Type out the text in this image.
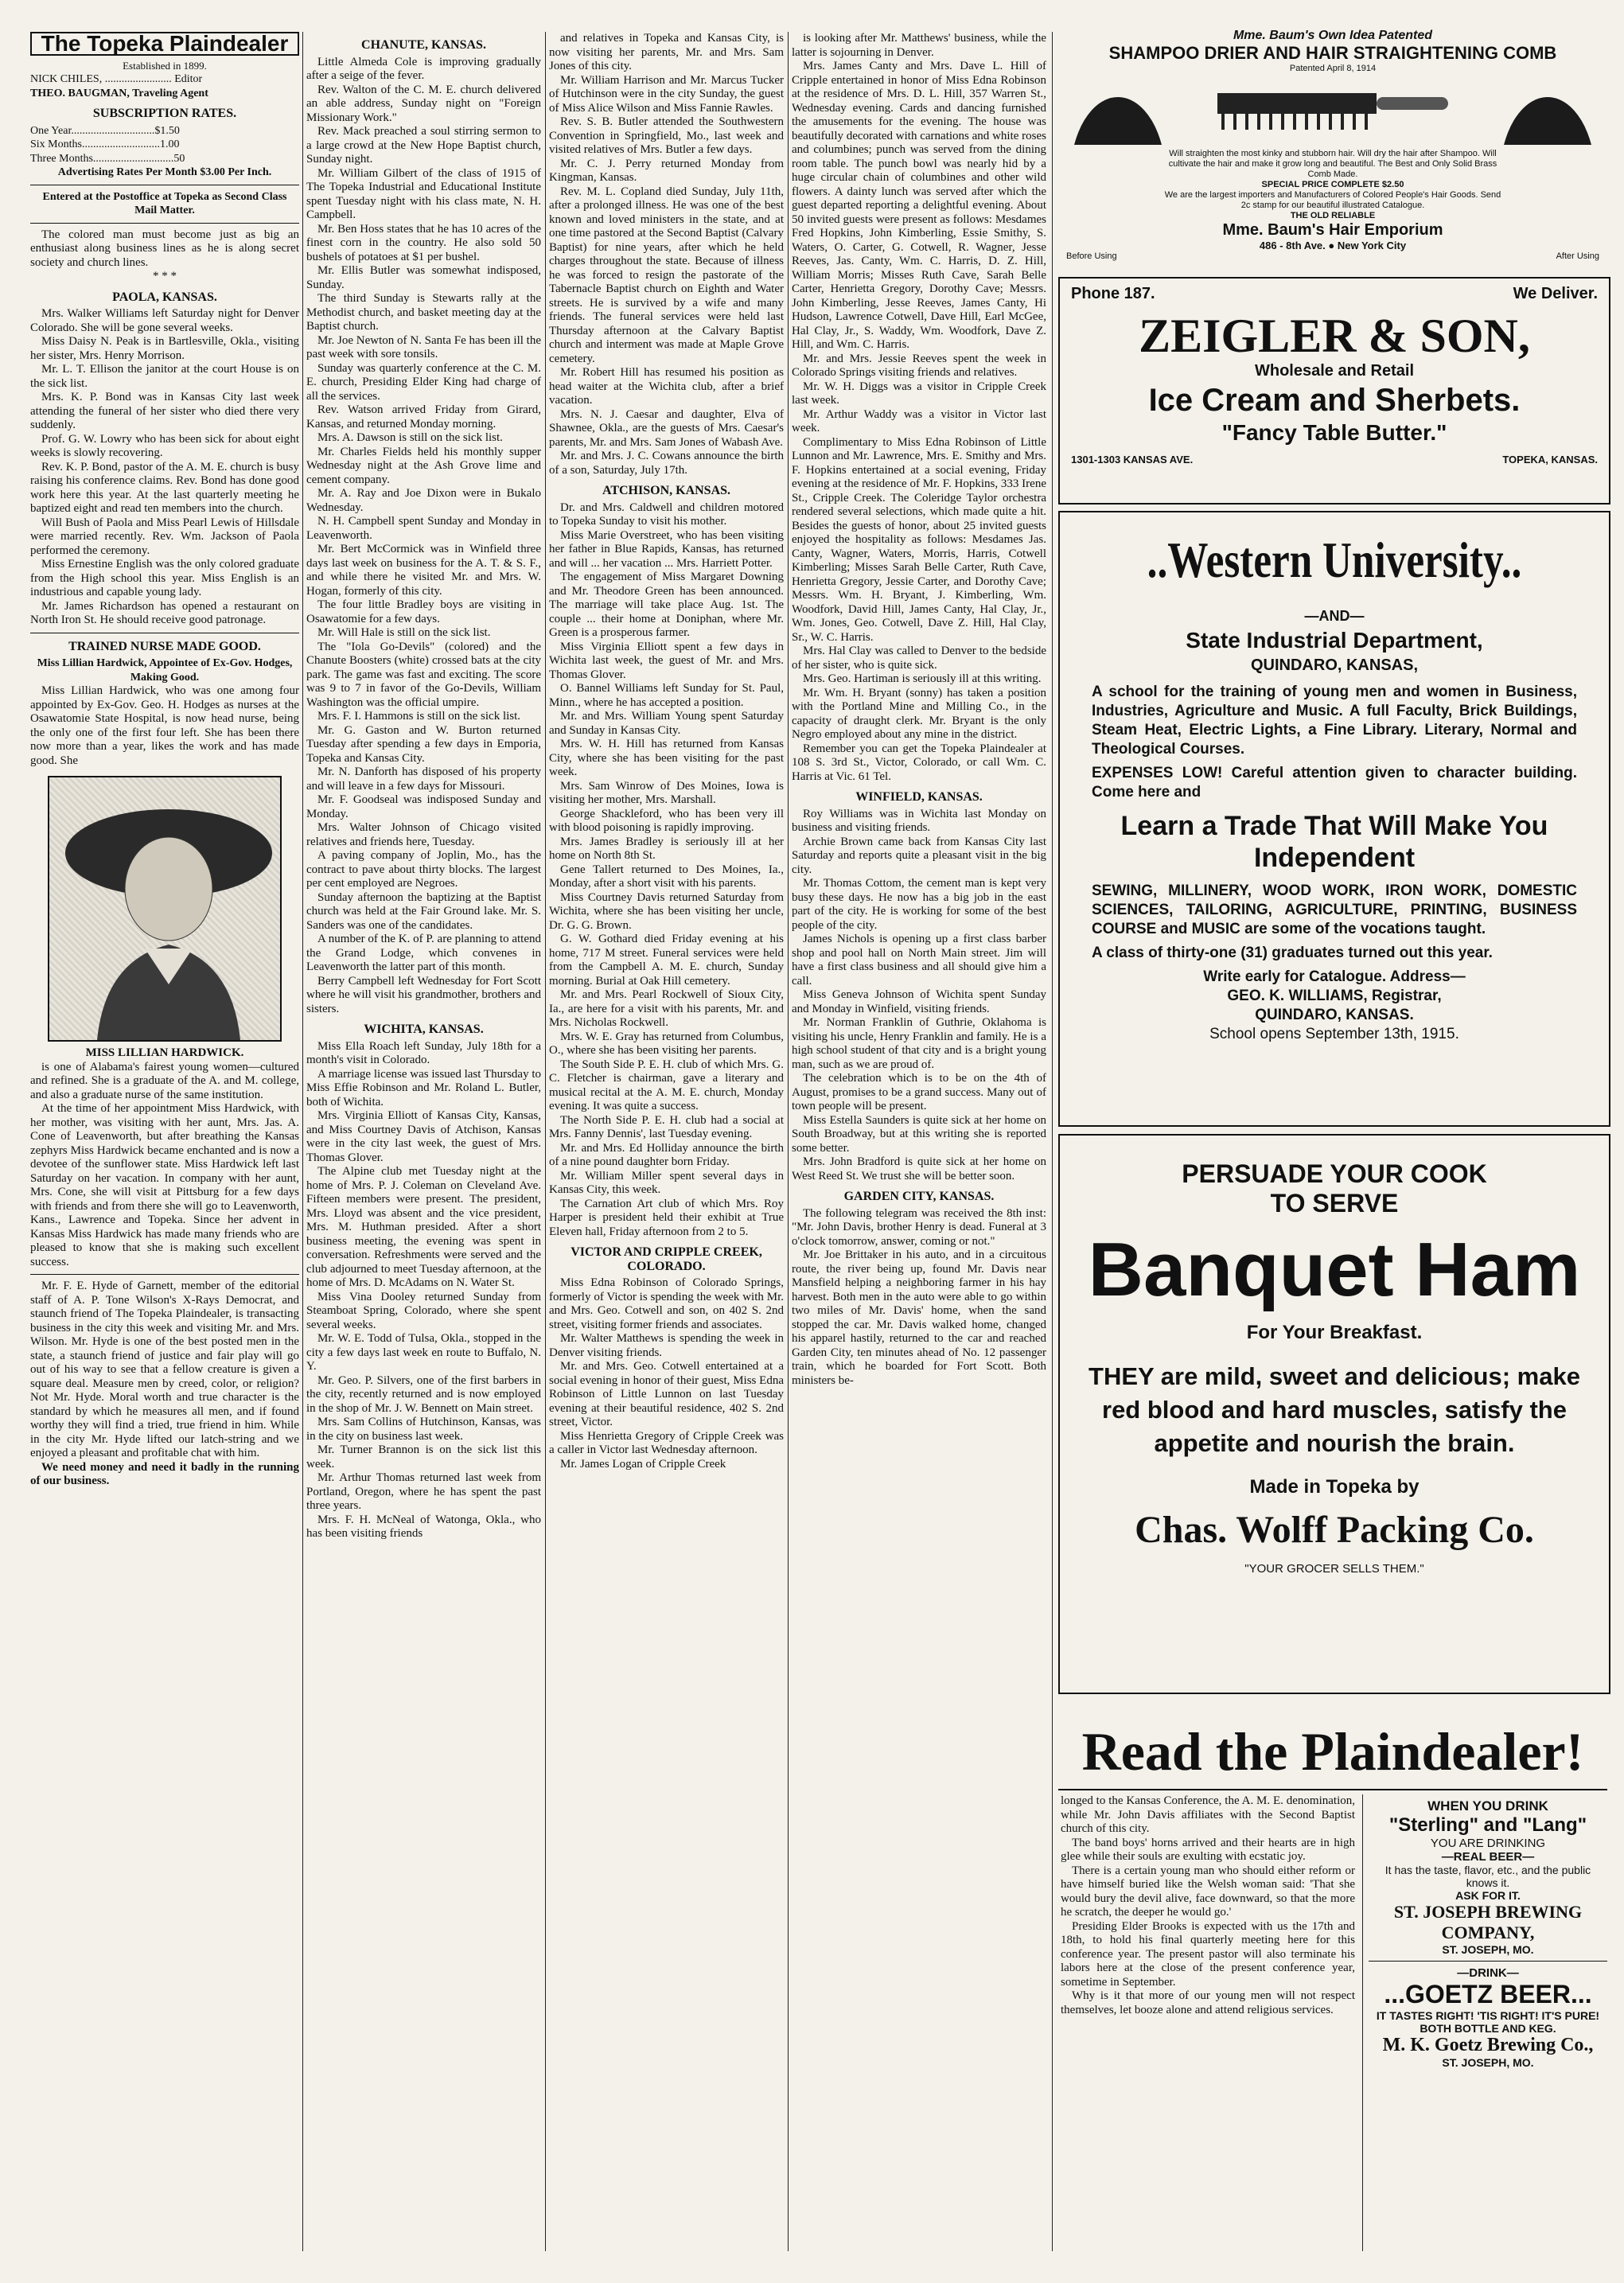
The Topeka Plaindealer
Established in 1899.
NICK CHILES, ........................ Editor
THEO. BAUGMAN, Traveling Agent
SUBSCRIPTION RATES.
One Year..............................$1.50
Six Months............................1.00
Three Months.............................50
Advertising Rates Per Month $3.00 Per Inch.
Entered at the Postoffice at Topeka as Second Class Mail Matter.

The colored man must become just as big an enthusiast along business lines as he is along secret society and church lines.

* * *
PAOLA, KANSAS.

Mrs. Walker Williams left Saturday night for Denver Colorado. She will be gone several weeks.

Miss Daisy N. Peak is in Bartlesville, Okla., visiting her sister, Mrs. Henry Morrison.

Mr. L. T. Ellison the janitor at the court House is on the sick list.

Mrs. K. P. Bond was in Kansas City last week attending the funeral of her sister who died there very suddenly.

Prof. G. W. Lowry who has been sick for about eight weeks is slowly recovering.

Rev. K. P. Bond, pastor of the A. M. E. church is busy raising his conference claims. Rev. Bond has done good work here this year. At the last quarterly meeting he baptized eight and read ten members into the church.

Will Bush of Paola and Miss Pearl Lewis of Hillsdale were married recently. Rev. Wm. Jackson of Paola performed the ceremony.

Miss Ernestine English was the only colored graduate from the High school this year. Miss English is an industrious and capable young lady.

Mr. James Richardson has opened a restaurant on North Iron St. He should receive good patronage.

TRAINED NURSE MADE GOOD.
Miss Lillian Hardwick, Appointee of Ex-Gov. Hodges, Making Good.

Miss Lillian Hardwick, who was one among four appointed by Ex-Gov. Geo. H. Hodges as nurses at the Osawatomie State Hospital, is now head nurse, being the only one of the first four left. She has been there now more than a year, likes the work and has made good. She

MISS LILLIAN HARDWICK.

is one of Alabama's fairest young women—cultured and refined. She is a graduate of the A. and M. college, and also a graduate nurse of the same institution.

At the time of her appointment Miss Hardwick, with her mother, was visiting with her aunt, Mrs. Jas. A. Cone of Leavenworth, but after breathing the Kansas zephyrs Miss Hardwick became enchanted and is now a devotee of the sunflower state. Miss Hardwick left last Saturday on her vacation. In company with her aunt, Mrs. Cone, she will visit at Pittsburg for a few days with friends and from there she will go to Leavenworth, Kans., Lawrence and Topeka. Since her advent in Kansas Miss Hardwick has made many friends who are pleased to know that she is making such excellent success.

Mr. F. E. Hyde of Garnett, member of the editorial staff of A. P. Tone Wilson's X-Rays Democrat, and staunch friend of The Topeka Plaindealer, is transacting business in the city this week and visiting Mr. and Mrs. Wilson. Mr. Hyde is one of the best posted men in the state, a staunch friend of justice and fair play will go out of his way to see that a fellow creature is given a square deal. Measure men by creed, color, or religion? Not Mr. Hyde. Moral worth and true character is the standard by which he measures all men, and if found worthy they will find a tried, true friend in him. While in the city Mr. Hyde lifted our latch-string and we enjoyed a pleasant and profitable chat with him.

We need money and need it badly in the running of our business.

CHANUTE, KANSAS.

Little Almeda Cole is improving gradually after a seige of the fever.

Rev. Walton of the C. M. E. church delivered an able address, Sunday night on "Foreign Missionary Work."

Rev. Mack preached a soul stirring sermon to a large crowd at the New Hope Baptist church, Sunday night.

Mr. William Gilbert of the class of 1915 of The Topeka Industrial and Educational Institute spent Tuesday night with his class mate, N. H. Campbell.

Mr. Ben Hoss states that he has 10 acres of the finest corn in the country. He also sold 50 bushels of potatoes at $1 per bushel.

Mr. Ellis Butler was somewhat indisposed, Sunday.

The third Sunday is Stewarts rally at the Methodist church, and basket meeting day at the Baptist church.

Mr. Joe Newton of N. Santa Fe has been ill the past week with sore tonsils.

Sunday was quarterly conference at the C. M. E. church, Presiding Elder King had charge of all the services.

Rev. Watson arrived Friday from Girard, Kansas, and returned Monday morning.

Mrs. A. Dawson is still on the sick list.

Mr. Charles Fields held his monthly supper Wednesday night at the Ash Grove lime and cement company.

Mr. A. Ray and Joe Dixon were in Bukalo Wednesday.

N. H. Campbell spent Sunday and Monday in Leavenworth.

Mr. Bert McCormick was in Winfield three days last week on business for the A. T. & S. F., and while there he visited Mr. and Mrs. W. Hogan, formerly of this city.

The four little Bradley boys are visiting in Osawatomie for a few days.

Mr. Will Hale is still on the sick list.

The "Iola Go-Devils" (colored) and the Chanute Boosters (white) crossed bats at the city park. The game was fast and exciting. The score was 9 to 7 in favor of the Go-Devils, William Washington was the official umpire.

Mrs. F. I. Hammons is still on the sick list.

Mr. G. Gaston and W. Burton returned Tuesday after spending a few days in Emporia, Topeka and Kansas City.

Mr. N. Danforth has disposed of his property and will leave in a few days for Missouri.

Mr. F. Goodseal was indisposed Sunday and Monday.

Mrs. Walter Johnson of Chicago visited relatives and friends here, Tuesday.

A paving company of Joplin, Mo., has the contract to pave about thirty blocks. The largest per cent employed are Negroes.

Sunday afternoon the baptizing at the Baptist church was held at the Fair Ground lake. Mr. S. Sanders was one of the candidates.

A number of the K. of P. are planning to attend the Grand Lodge, which convenes in Leavenworth the latter part of this month.

Berry Campbell left Wednesday for Fort Scott where he will visit his grandmother, brothers and sisters.

WICHITA, KANSAS.

Miss Ella Roach left Sunday, July 18th for a month's visit in Colorado.

A marriage license was issued last Thursday to Miss Effie Robinson and Mr. Roland L. Butler, both of Wichita.

Mrs. Virginia Elliott of Kansas City, Kansas, and Miss Courtney Davis of Atchison, Kansas were in the city last week, the guest of Mrs. Thomas Glover.

The Alpine club met Tuesday night at the home of Mrs. P. J. Coleman on Cleveland Ave. Fifteen members were present. The president, Mrs. Lloyd was absent and the vice president, Mrs. M. Huthman presided. After a short business meeting, the evening was spent in conversation. Refreshments were served and the club adjourned to meet Tuesday afternoon, at the home of Mrs. D. McAdams on N. Water St.

Miss Vina Dooley returned Sunday from Steamboat Spring, Colorado, where she spent several weeks.

Mr. W. E. Todd of Tulsa, Okla., stopped in the city a few days last week en route to Buffalo, N. Y.

Mr. Geo. P. Silvers, one of the first barbers in the city, recently returned and is now employed in the shop of Mr. J. W. Bennett on Main street.

Mrs. Sam Collins of Hutchinson, Kansas, was in the city on business last week.

Mr. Turner Brannon is on the sick list this week.

Mr. Arthur Thomas returned last week from Portland, Oregon, where he has spent the past three years.

Mrs. F. H. McNeal of Watonga, Okla., who has been visiting friends

and relatives in Topeka and Kansas City, is now visiting her parents, Mr. and Mrs. Sam Jones of this city.

Mr. William Harrison and Mr. Marcus Tucker of Hutchinson were in the city Sunday, the guest of Miss Alice Wilson and Miss Fannie Rawles.

Rev. S. B. Butler attended the Southwestern Convention in Springfield, Mo., last week and visited relatives of Mrs. Butler a few days.

Mr. C. J. Perry returned Monday from Kingman, Kansas.

Rev. M. L. Copland died Sunday, July 11th, after a prolonged illness. He was one of the best known and loved ministers in the state, and at one time pastored at the Second Baptist (Calvary Baptist) for nine years, after which he held charges throughout the state. Because of illness he was forced to resign the pastorate of the Tabernacle Baptist church on Eighth and Water streets. He is survived by a wife and many friends. The funeral services were held last Thursday afternoon at the Calvary Baptist church and interment was made at Maple Grove cemetery.

Mr. Robert Hill has resumed his position as head waiter at the Wichita club, after a brief vacation.

Mrs. N. J. Caesar and daughter, Elva of Shawnee, Okla., are the guests of Mrs. Caesar's parents, Mr. and Mrs. Sam Jones of Wabash Ave.

Mr. and Mrs. J. C. Cowans announce the birth of a son, Saturday, July 17th.

ATCHISON, KANSAS.

Dr. and Mrs. Caldwell and children motored to Topeka Sunday to visit his mother.

Miss Marie Overstreet, who has been visiting her father in Blue Rapids, Kansas, has returned and will ... her vacation ... Mrs. Harriett Potter.

The engagement of Miss Margaret Downing and Mr. Theodore Green has been announced. The marriage will take place Aug. 1st. The couple ... their home at Doniphan, where Mr. Green is a prosperous farmer.

Miss Virginia Elliott spent a few days in Wichita last week, the guest of Mr. and Mrs. Thomas Glover.

O. Bannel Williams left Sunday for St. Paul, Minn., where he has accepted a position.

Mr. and Mrs. William Young spent Saturday and Sunday in Kansas City.

Mrs. W. H. Hill has returned from Kansas City, where she has been visiting for the past week.

Mrs. Sam Winrow of Des Moines, Iowa is visiting her mother, Mrs. Marshall.

George Shackleford, who has been very ill with blood poisoning is rapidly improving.

Mrs. James Bradley is seriously ill at her home on North 8th St.

Gene Tallert returned to Des Moines, Ia., Monday, after a short visit with his parents.

Miss Courtney Davis returned Saturday from Wichita, where she has been visiting her uncle, Dr. G. G. Brown.

G. W. Gothard died Friday evening at his home, 717 M street. Funeral services were held from the Campbell A. M. E. church, Sunday morning. Burial at Oak Hill cemetery.

Mr. and Mrs. Pearl Rockwell of Sioux City, Ia., are here for a visit with his parents, Mr. and Mrs. Nicholas Rockwell.

Mrs. W. E. Gray has returned from Columbus, O., where she has been visiting her parents.

The South Side P. E. H. club of which Mrs. G. C. Fletcher is chairman, gave a literary and musical recital at the A. M. E. church, Monday evening. It was quite a success.

The North Side P. E. H. club had a social at Mrs. Fanny Dennis', last Tuesday evening.

Mr. and Mrs. Ed Holliday announce the birth of a nine pound daughter born Friday.

Mr. William Miller spent several days in Kansas City, this week.

The Carnation Art club of which Mrs. Roy Harper is president held their exhibit at True Eleven hall, Friday afternoon from 2 to 5.

VICTOR AND CRIPPLE CREEK, COLORADO.

Miss Edna Robinson of Colorado Springs, formerly of Victor is spending the week with Mr. and Mrs. Geo. Cotwell and son, on 402 S. 2nd street, visiting former friends and associates.

Mr. Walter Matthews is spending the week in Denver visiting friends.

Mr. and Mrs. Geo. Cotwell entertained at a social evening in honor of their guest, Miss Edna Robinson of Little Lunnon on last Tuesday evening at their beautiful residence, 402 S. 2nd street, Victor.

Miss Henrietta Gregory of Cripple Creek was a caller in Victor last Wednesday afternoon.

Mr. James Logan of Cripple Creek

is looking after Mr. Matthews' business, while the latter is sojourning in Denver.

Mrs. James Canty and Mrs. Dave L. Hill of Cripple entertained in honor of Miss Edna Robinson at the residence of Mrs. D. L. Hill, 357 Warren St., Wednesday evening. Cards and dancing furnished the amusements for the evening. The house was beautifully decorated with carnations and white roses and columbines; punch was served from the dining room table. The punch bowl was nearly hid by a huge circular chain of columbines and other wild flowers. A dainty lunch was served after which the guest departed reporting a delightful evening. About 50 invited guests were present as follows: Mesdames Fred Hopkins, John Kimberling, Essie Smithy, S. Waters, O. Carter, G. Cotwell, R. Wagner, Jesse Reeves, Jas. Canty, Wm. C. Harris, D. Z. Hill, William Morris; Misses Ruth Cave, Sarah Belle Carter, Henrietta Gregory, Dorothy Cave; Messrs. John Kimberling, Jesse Reeves, James Canty, Hi Hudson, Lawrence Cotwell, Dave Hill, Earl McGee, Hal Clay, Jr., S. Waddy, Wm. Woodfork, Dave Z. Hill, and Wm. C. Harris.

Mr. and Mrs. Jessie Reeves spent the week in Colorado Springs visiting friends and relatives.

Mr. W. H. Diggs was a visitor in Cripple Creek last week.

Mr. Arthur Waddy was a visitor in Victor last week.

Complimentary to Miss Edna Robinson of Little Lunnon and Mr. Lawrence, Mrs. E. Smithy and Mrs. F. Hopkins entertained at a social evening, Friday evening at the residence of Mr. F. Hopkins, 333 Irene St., Cripple Creek. The Coleridge Taylor orchestra rendered several selections, which made quite a hit. Besides the guests of honor, about 25 invited guests enjoyed the hospitality as follows: Mesdames Jas. Canty, Wagner, Waters, Morris, Harris, Cotwell Kimberling; Misses Sarah Belle Carter, Ruth Cave, Henrietta Gregory, Jessie Carter, and Dorothy Cave; Messrs. Wm. H. Bryant, J. Kimberling, Wm. Woodfork, David Hill, James Canty, Hal Clay, Jr., Wm. Jones, Geo. Cotwell, Dave Z. Hill, Hal Clay, Sr., W. C. Harris.

Mrs. Hal Clay was called to Denver to the bedside of her sister, who is quite sick.

Mrs. Geo. Hartiman is seriously ill at this writing.

Mr. Wm. H. Bryant (sonny) has taken a position with the Portland Mine and Milling Co., in the capacity of draught clerk. Mr. Bryant is the only Negro employed about any mine in the district.

Remember you can get the Topeka Plaindealer at 108 S. 3rd St., Victor, Colorado, or call Wm. C. Harris at Vic. 61 Tel.

WINFIELD, KANSAS.

Roy Williams was in Wichita last Monday on business and visiting friends.

Archie Brown came back from Kansas City last Saturday and reports quite a pleasant visit in the big city.

Mr. Thomas Cottom, the cement man is kept very busy these days. He now has a big job in the east part of the city. He is working for some of the best people of the city.

James Nichols is opening up a first class barber shop and pool hall on North Main street. Jim will have a first class business and all should give him a call.

Miss Geneva Johnson of Wichita spent Sunday and Monday in Winfield, visiting friends.

Mr. Norman Franklin of Guthrie, Oklahoma is visiting his uncle, Henry Franklin and family. He is a high school student of that city and is a bright young man, such as we are proud of.

The celebration which is to be on the 4th of August, promises to be a grand success. Many out of town people will be present.

Miss Estella Saunders is quite sick at her home on South Broadway, but at this writing she is reported some better.

Mrs. John Bradford is quite sick at her home on West Reed St. We trust she will be better soon.

GARDEN CITY, KANSAS.

The following telegram was received the 8th inst: "Mr. John Davis, brother Henry is dead. Funeral at 3 o'clock tomorrow, answer, coming or not."

Mr. Joe Brittaker in his auto, and in a circuitous route, the river being up, found Mr. Davis near Mansfield helping a neighboring farmer in his hay harvest. Both men in the auto were able to go within two miles of Mr. Davis' home, when the sand stopped the car. Mr. Davis walked home, changed his apparel hastily, returned to the car and reached Garden City, ten minutes ahead of No. 12 passenger train, which he boarded for Fort Scott. Both ministers be-

Mme. Baum's Own Idea Patented

SHAMPOO DRIER AND HAIR STRAIGHTENING COMB

Patented April 8, 1914

Will straighten the most kinky and stubborn hair. Will dry the hair after Shampoo. Will cultivate the hair and make it grow long and beautiful. The Best and Only Solid Brass Comb Made.

SPECIAL PRICE COMPLETE $2.50

We are the largest importers and Manufacturers of Colored People's Hair Goods. Send 2c stamp for our beautiful illustrated Catalogue.

THE OLD RELIABLE

Mme. Baum's Hair Emporium

486 - 8th Ave. ● New York City

Before Using	After Using
Phone 187.	We Deliver.

ZEIGLER & SON,

Wholesale and Retail

Ice Cream and Sherbets.

"Fancy Table Butter."

1301-1303 KANSAS AVE.	TOPEKA, KANSAS.

..Western University..

—AND—

State Industrial Department,

QUINDARO, KANSAS,

A school for the training of young men and women in Business, Industries, Agriculture and Music. A full Faculty, Brick Buildings, Steam Heat, Electric Lights, a Fine Library. Literary, Normal and Theological Courses.

EXPENSES LOW! Careful attention given to character building. Come here and

Learn a Trade That Will Make You Independent

SEWING, MILLINERY, WOOD WORK, IRON WORK, DOMESTIC SCIENCES, TAILORING, AGRICULTURE, PRINTING, BUSINESS COURSE and MUSIC are some of the vocations taught.

A class of thirty-one (31) graduates turned out this year.

Write early for Catalogue. Address—

GEO. K. WILLIAMS, Registrar,

QUINDARO, KANSAS.

School opens September 13th, 1915.

PERSUADE YOUR COOK

TO SERVE

Banquet Ham

For Your Breakfast.

THEY are mild, sweet and delicious; make red blood and hard muscles, satisfy the appetite and nourish the brain.

Made in Topeka by

Chas. Wolff Packing Co.

"YOUR GROCER SELLS THEM."

Read the Plaindealer!

longed to the Kansas Conference, the A. M. E. denomination, while Mr. John Davis affiliates with the Second Baptist church of this city.

The band boys' horns arrived and their hearts are in high glee while their souls are exulting with ecstatic joy.

There is a certain young man who should either reform or have himself buried like the Welsh woman said: 'That she would bury the devil alive, face downward, so that the more he scratch, the deeper he would go.'

Presiding Elder Brooks is expected with us the 17th and 18th, to hold his final quarterly meeting here for this conference year. The present pastor will also terminate his labors here at the close of the present conference year, sometime in September.

Why is it that more of our young men will not respect themselves, let booze alone and attend religious services.

WHEN YOU DRINK

"Sterling" and "Lang"

YOU ARE DRINKING

—REAL BEER—

It has the taste, flavor, etc., and the public knows it.

ASK FOR IT.

ST. JOSEPH BREWING COMPANY,

ST. JOSEPH, MO.

—DRINK—

...GOETZ BEER...

IT TASTES RIGHT! 'TIS RIGHT! IT'S PURE!

BOTH BOTTLE AND KEG.

M. K. Goetz Brewing Co.,

ST. JOSEPH, MO.
